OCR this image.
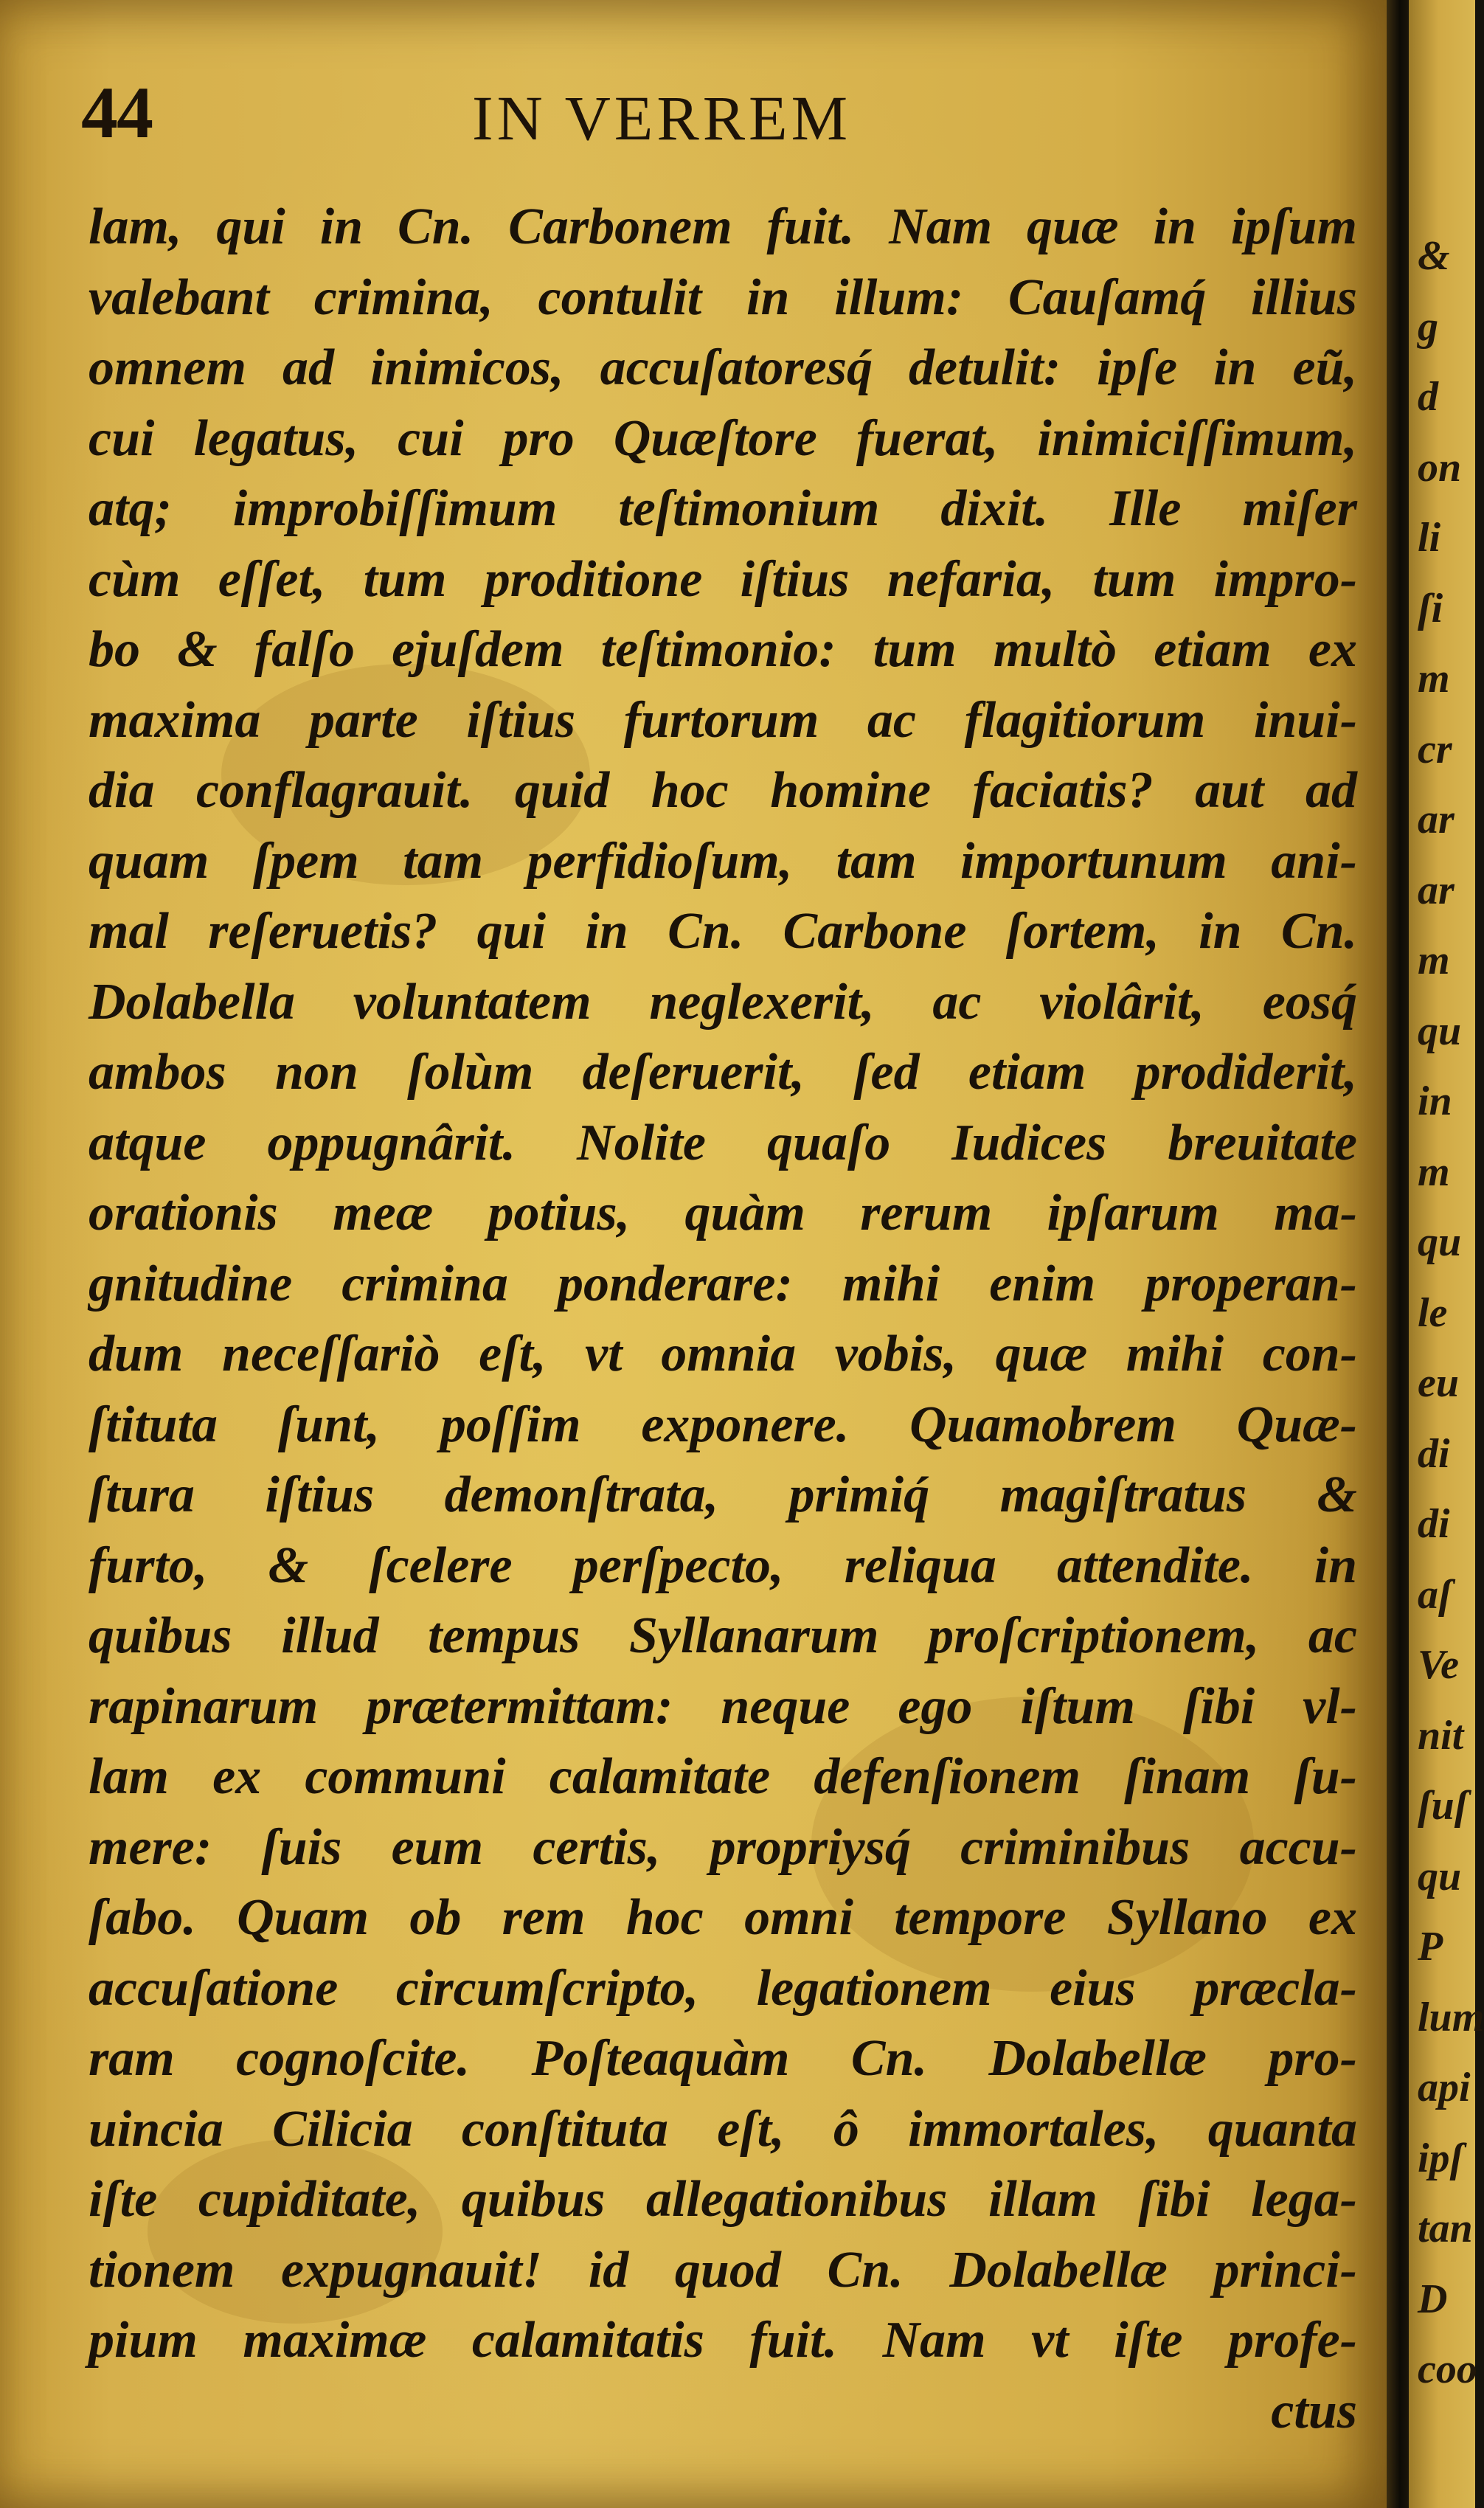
44	IN VERREM
lam, qui in Cn. Carbonem fuit. Nam quæ in ipſum
valebant crimina, contulit in illum: Cauſamq́ illius
omnem ad inimicos, accuſatoresq́ detulit: ipſe in eũ,
cui legatus, cui pro Quæſtore fuerat, inimiciſſimum,
atq; improbiſſimum teſtimonium dixit. Ille miſer
cùm eſſet, tum proditione iſtius nefaria, tum impro-
bo & falſo ejuſdem teſtimonio: tum multò etiam ex
maxima parte iſtius furtorum ac flagitiorum inui-
dia conflagrauit. quid hoc homine faciatis? aut ad
quam ſpem tam perfidioſum, tam importunum ani-
mal reſeruetis? qui in Cn. Carbone ſortem, in Cn.
Dolabella voluntatem neglexerit, ac violârit, eosq́
ambos non ſolùm deſeruerit, ſed etiam prodiderit,
atque oppugnârit. Nolite quaſo Iudices breuitate
orationis meæ potius, quàm rerum ipſarum ma-
gnitudine crimina ponderare: mihi enim properan-
dum neceſſariò eſt, vt omnia vobis, quæ mihi con-
ſtituta ſunt, poſſim exponere. Quamobrem Quæ-
ſtura iſtius demonſtrata, primiq́ magiſtratus &
furto, & ſcelere perſpecto, reliqua attendite. in
quibus illud tempus Syllanarum proſcriptionem, ac
rapinarum prætermittam: neque ego iſtum ſibi vl-
lam ex communi calamitate defenſionem ſinam ſu-
mere: ſuis eum certis, propriysq́ criminibus accu-
ſabo. Quam ob rem hoc omni tempore Syllano ex
accuſatione circumſcripto, legationem eius præcla-
ram cognoſcite. Poſteaquàm Cn. Dolabellæ pro-
uincia Cilicia conſtituta eſt, ô immortales, quanta
iſte cupiditate, quibus allegationibus illam ſibi lega-
tionem expugnauit! id quod Cn. Dolabellæ princi-
pium maximæ calamitatis fuit. Nam vt iſte profe-
ctus
&
g
d
on
li
ſi
m
cr
ar
ar
m
qu
in
m
qu
le
eu
di
di
aſ
Ve
nit
ſuſ
qu
P
lum
api
ipſ
tan
D
coo
